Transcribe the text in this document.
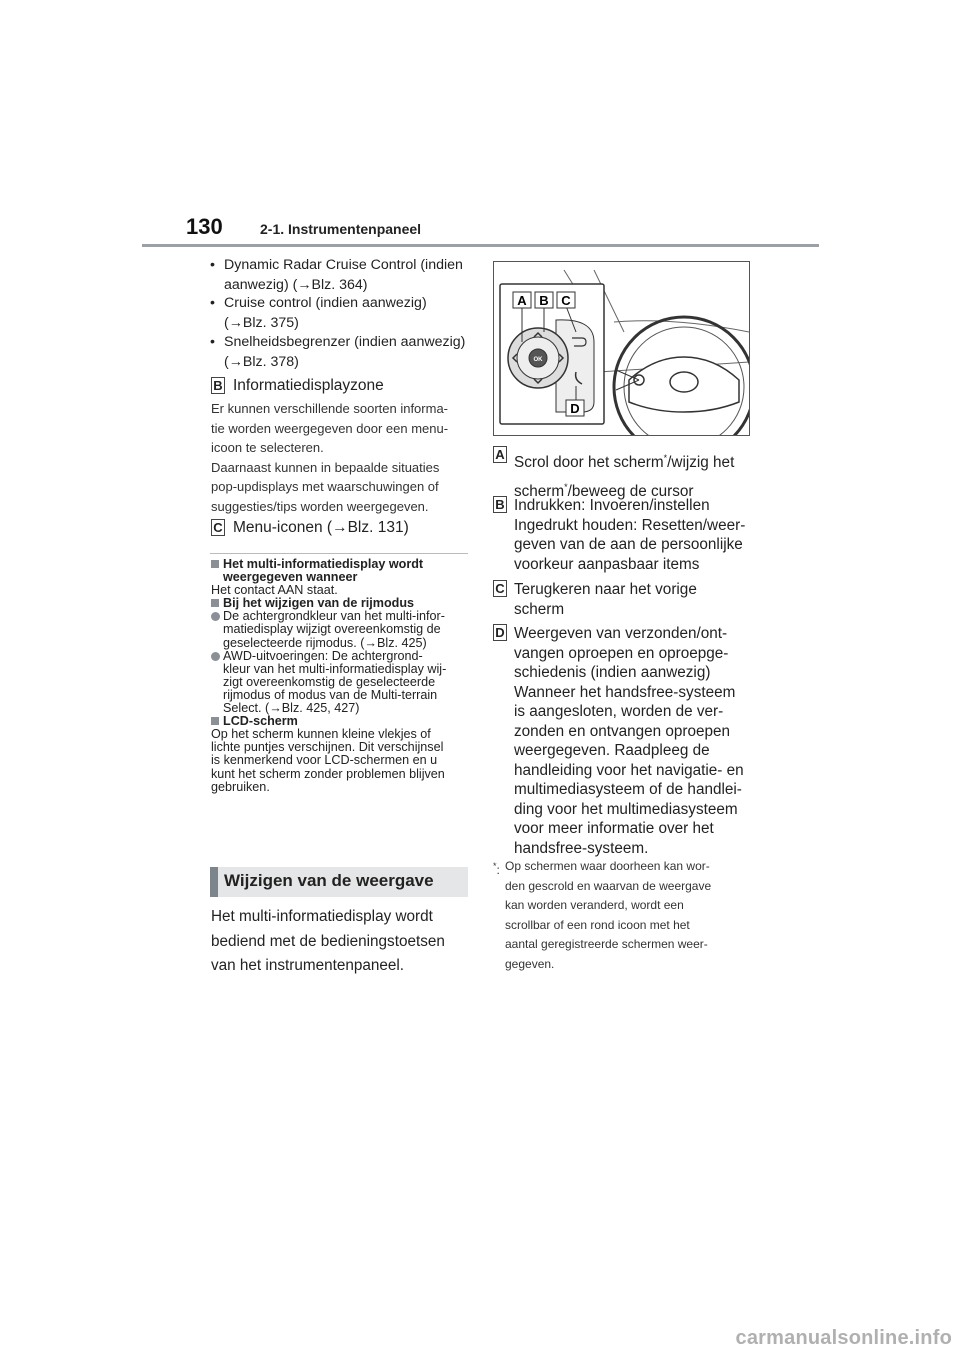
130	2-1. Instrumentenpaneel
• Dynamic Radar Cruise Control (indien
aanwezig) (→Blz. 364)
• Cruise control (indien aanwezig)
(→Blz. 375)
• Snelheidsbegrenzer (indien aanwezig)
(→Blz. 378)
B Informatiedisplayzone
Er kunnen verschillende soorten informa-
tie worden weergegeven door een menu-
icoon te selecteren.
Daarnaast kunnen in bepaalde situaties
pop-updisplays met waarschuwingen of
suggesties/tips worden weergegeven.
C Menu-iconen (→Blz. 131)
Het multi-informatiedisplay wordt
weergegeven wanneer
Het contact AAN staat.
Bij het wijzigen van de rijmodus
De achtergrondkleur van het multi-infor-
matiedisplay wijzigt overeenkomstig de
geselecteerde rijmodus. (→Blz. 425)
AWD-uitvoeringen: De achtergrond-
kleur van het multi-informatiedisplay wij-
zigt overeenkomstig de geselecteerde
rijmodus of modus van de Multi-terrain
Select. (→Blz. 425, 427)
LCD-scherm
Op het scherm kunnen kleine vlekjes of
lichte puntjes verschijnen. Dit verschijnsel
is kenmerkend voor LCD-schermen en u
kunt het scherm zonder problemen blijven
gebruiken.
Wijzigen van de weergave
Het multi-informatiedisplay wordt
bediend met de bedieningstoetsen
van het instrumentenpaneel.
OK
A B C
D
A Scrol door het scherm*/wijzig het
scherm*/beweeg de cursor
B Indrukken: Invoeren/instellen
Ingedrukt houden: Resetten/weer-
geven van de aan de persoonlijke
voorkeur aanpasbaar items
C Terugkeren naar het vorige
scherm
D Weergeven van verzonden/ont-
vangen oproepen en oproepge-
schiedenis (indien aanwezig)
Wanneer het handsfree-systeem
is aangesloten, worden de ver-
zonden en ontvangen oproepen
weergegeven. Raadpleeg de
handleiding voor het navigatie- en
multimediasysteem of de handlei-
ding voor het multimediasysteem
voor meer informatie over het
handsfree-systeem.
*: Op schermen waar doorheen kan wor-
den gescrold en waarvan de weergave
kan worden veranderd, wordt een
scrollbar of een rond icoon met het
aantal geregistreerde schermen weer-
gegeven.
carmanualsonline.info
